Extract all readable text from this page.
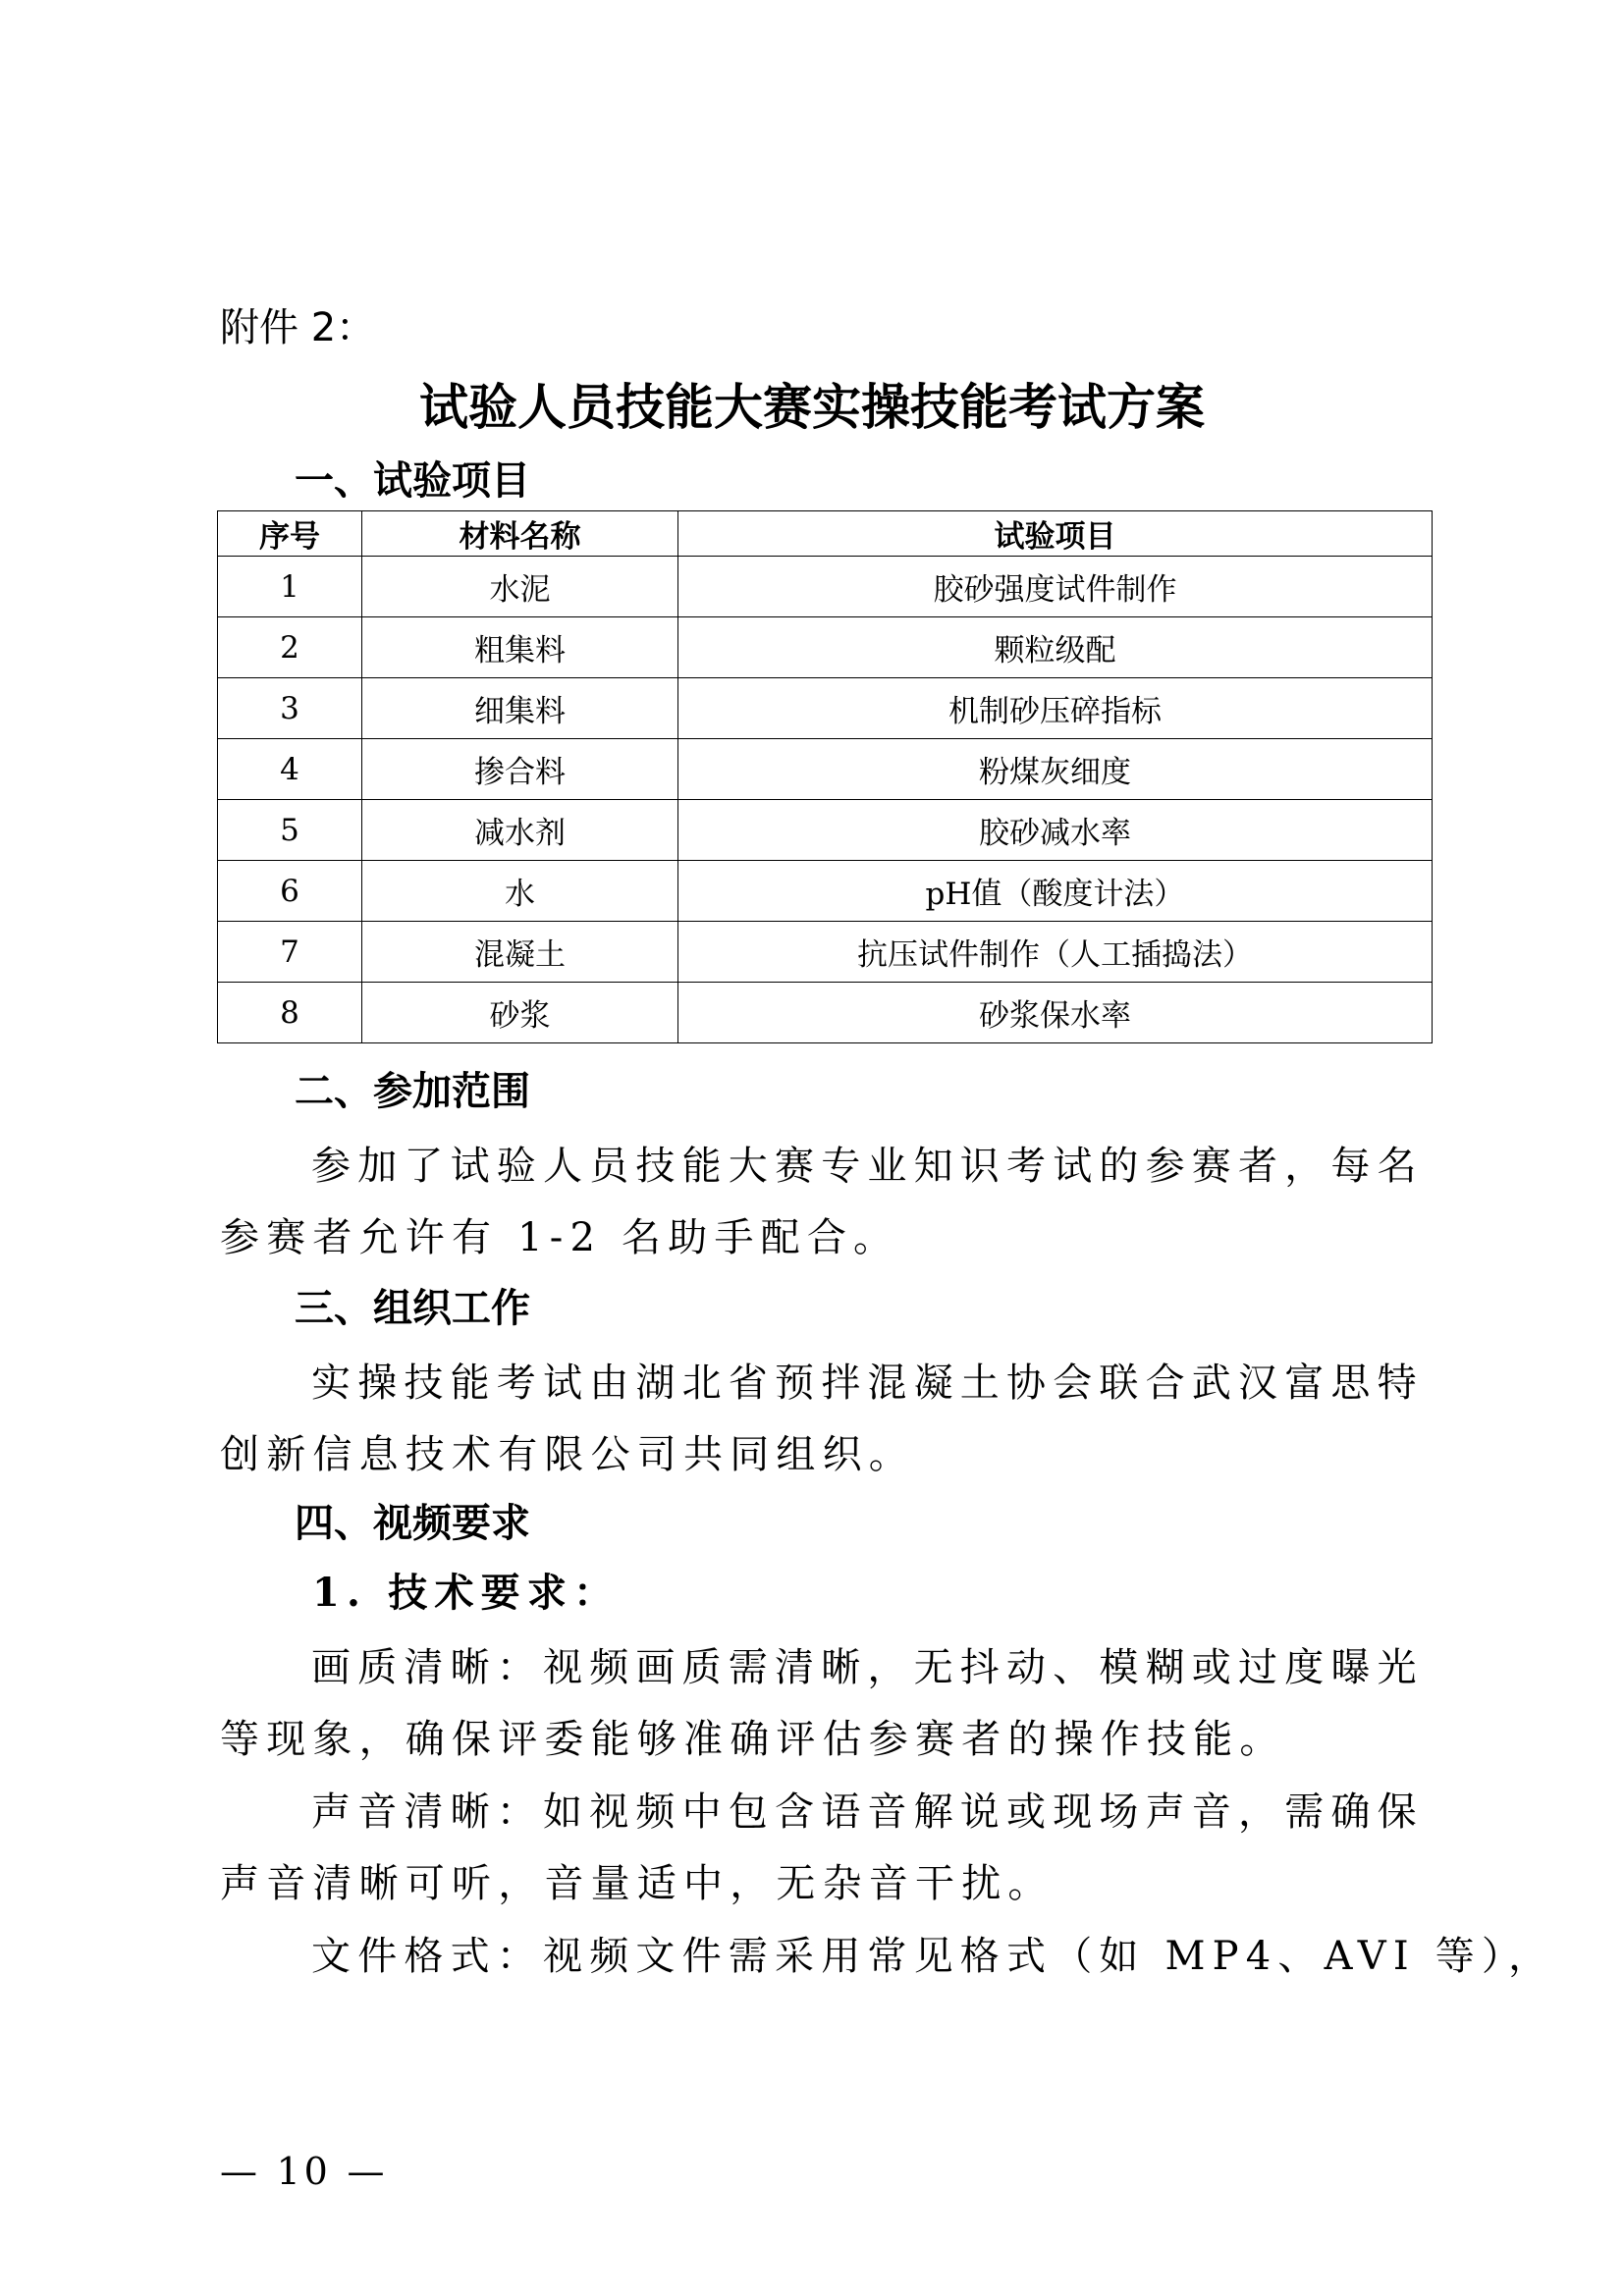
附件 2：
试验人员技能大赛实操技能考试方案
一、试验项目
序号	材料名称	试验项目
1	水泥	胶砂强度试件制作
2	粗集料	颗粒级配
3	细集料	机制砂压碎指标
4	掺合料	粉煤灰细度
5	减水剂	胶砂减水率
6	水	pH值（酸度计法）
7	混凝土	抗压试件制作（人工插捣法）
8	砂浆	砂浆保水率
二、参加范围
参加了试验人员技能大赛专业知识考试的参赛者，每名
参赛者允许有 1-2 名助手配合。
三、组织工作
实操技能考试由湖北省预拌混凝土协会联合武汉富思特
创新信息技术有限公司共同组织。
四、视频要求
1. 技术要求：
画质清晰：视频画质需清晰，无抖动、模糊或过度曝光
等现象，确保评委能够准确评估参赛者的操作技能。
声音清晰：如视频中包含语音解说或现场声音，需确保
声音清晰可听，音量适中，无杂音干扰。
文件格式：视频文件需采用常见格式（如 MP4、AVI 等），
— 10 —
